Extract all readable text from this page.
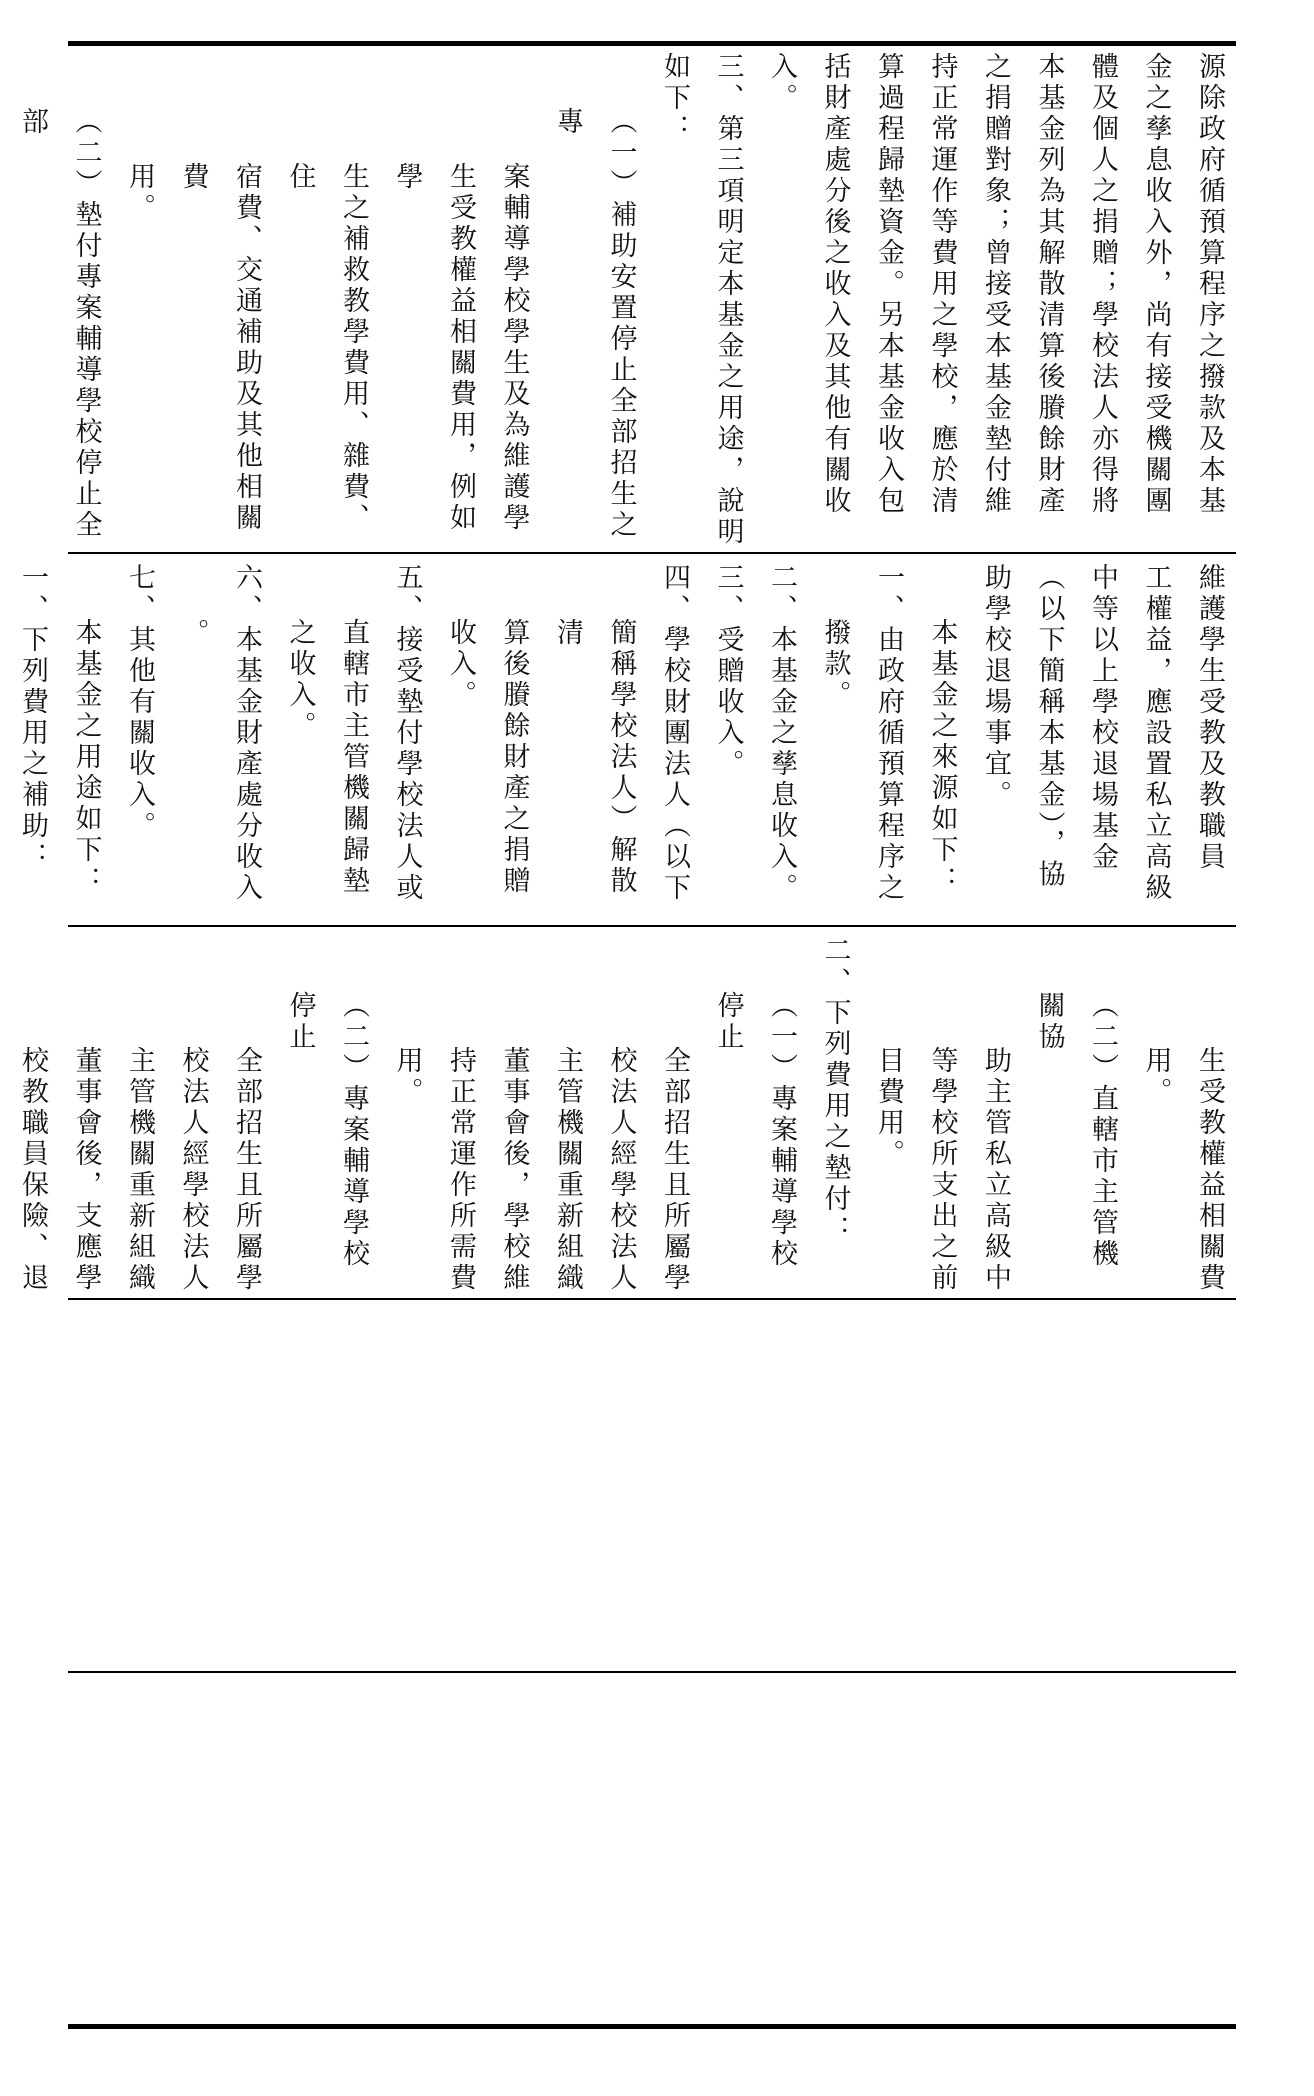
源除政府循預算程序之撥款及本基
金之孳息收入外，尚有接受機關團
體及個人之捐贈；學校法人亦得將
本基金列為其解散清算後賸餘財產
之捐贈對象；曾接受本基金墊付維
持正常運作等費用之學校，應於清
算過程歸墊資金。另本基金收入包
括財產處分後之收入及其他有關收
入。
三、第三項明定本基金之用途，說明
如下：
（一）補助安置停止全部招生之專
案輔導學校學生及為維護學
生受教權益相關費用，例如學
生之補救教學費用、雜費、住
宿費、交通補助及其他相關費
用。
（二）墊付專案輔導學校停止全部
維護學生受教及教職員
工權益，應設置私立高級
中等以上學校退場基金
（以下簡稱本基金），協
助學校退場事宜。
本基金之來源如下：
一、由政府循預算程序之
撥款。
二、本基金之孳息收入。
三、受贈收入。
四、學校財團法人（以下
簡稱學校法人）解散清
算後賸餘財產之捐贈
收入。
五、接受墊付學校法人或
直轄市主管機關歸墊
之收入。
六、本基金財產處分收入
。
七、其他有關收入。
本基金之用途如下：
一、下列費用之補助：
生受教權益相關費
用。
（二）直轄市主管機關協
助主管私立高級中
等學校所支出之前
目費用。
二、下列費用之墊付：
（一）專案輔導學校停止
全部招生且所屬學
校法人經學校法人
主管機關重新組織
董事會後，學校維
持正常運作所需費
用。
（二）專案輔導學校停止
全部招生且所屬學
校法人經學校法人
主管機關重新組織
董事會後，支應學
校教職員保險、退
